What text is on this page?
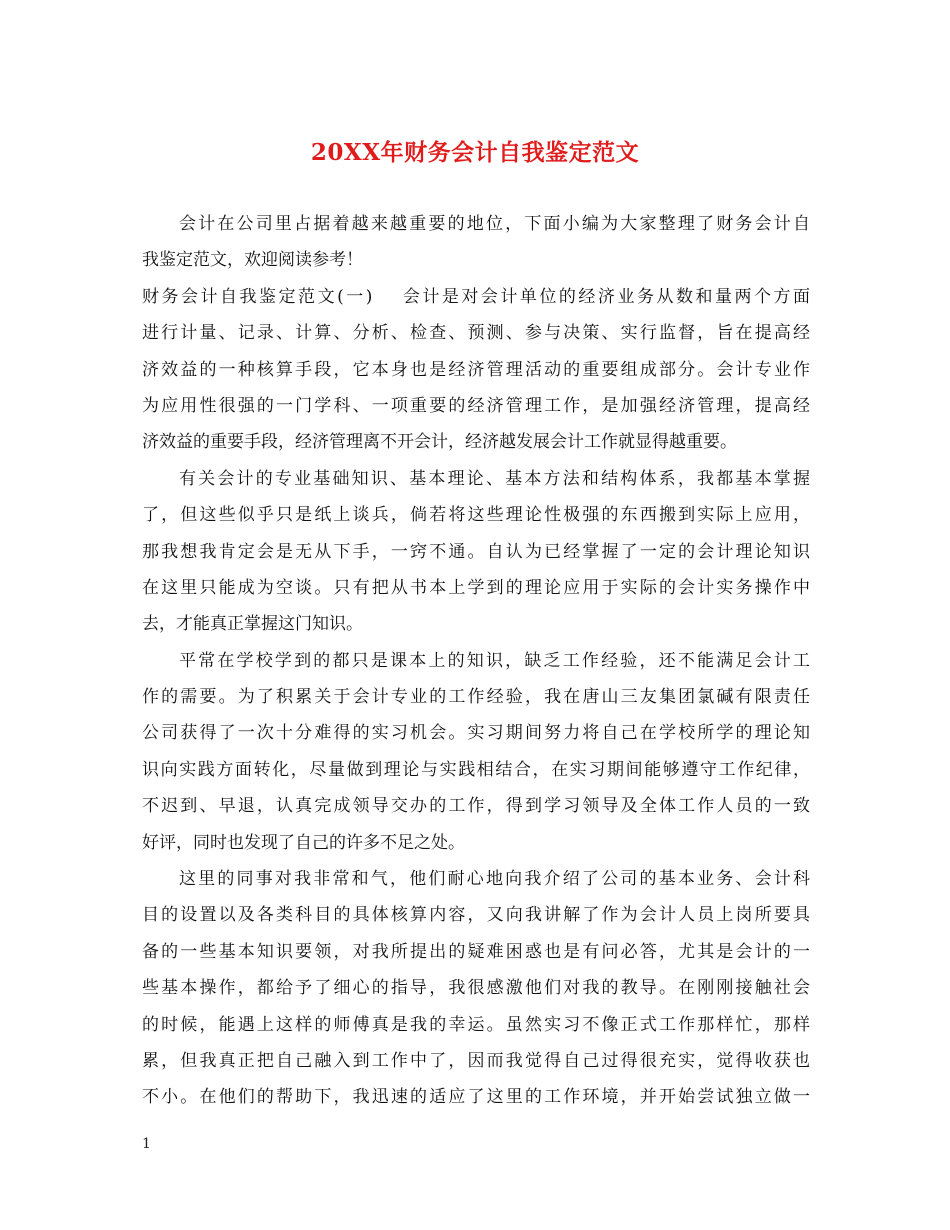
20XX年财务会计自我鉴定范文
会计在公司里占据着越来越重要的地位，下面小编为大家整理了财务会计自
我鉴定范文，欢迎阅读参考！
财务会计自我鉴定范文(一) 会计是对会计单位的经济业务从数和量两个方面
进行计量、记录、计算、分析、检查、预测、参与决策、实行监督，旨在提高经
济效益的一种核算手段，它本身也是经济管理活动的重要组成部分。会计专业作
为应用性很强的一门学科、一项重要的经济管理工作，是加强经济管理，提高经
济效益的重要手段，经济管理离不开会计，经济越发展会计工作就显得越重要。
有关会计的专业基础知识、基本理论、基本方法和结构体系，我都基本掌握
了，但这些似乎只是纸上谈兵，倘若将这些理论性极强的东西搬到实际上应用，
那我想我肯定会是无从下手，一窍不通。自认为已经掌握了一定的会计理论知识
在这里只能成为空谈。只有把从书本上学到的理论应用于实际的会计实务操作中
去，才能真正掌握这门知识。
平常在学校学到的都只是课本上的知识，缺乏工作经验，还不能满足会计工
作的需要。为了积累关于会计专业的工作经验，我在唐山三友集团氯碱有限责任
公司获得了一次十分难得的实习机会。实习期间努力将自己在学校所学的理论知
识向实践方面转化，尽量做到理论与实践相结合，在实习期间能够遵守工作纪律，
不迟到、早退，认真完成领导交办的工作，得到学习领导及全体工作人员的一致
好评，同时也发现了自己的许多不足之处。
这里的同事对我非常和气，他们耐心地向我介绍了公司的基本业务、会计科
目的设置以及各类科目的具体核算内容，又向我讲解了作为会计人员上岗所要具
备的一些基本知识要领，对我所提出的疑难困惑也是有问必答，尤其是会计的一
些基本操作，都给予了细心的指导，我很感激他们对我的教导。在刚刚接触社会
的时候，能遇上这样的师傅真是我的幸运。虽然实习不像正式工作那样忙，那样
累，但我真正把自己融入到工作中了，因而我觉得自己过得很充实，觉得收获也
不小。在他们的帮助下，我迅速的适应了这里的工作环境，并开始尝试独立做一
1
